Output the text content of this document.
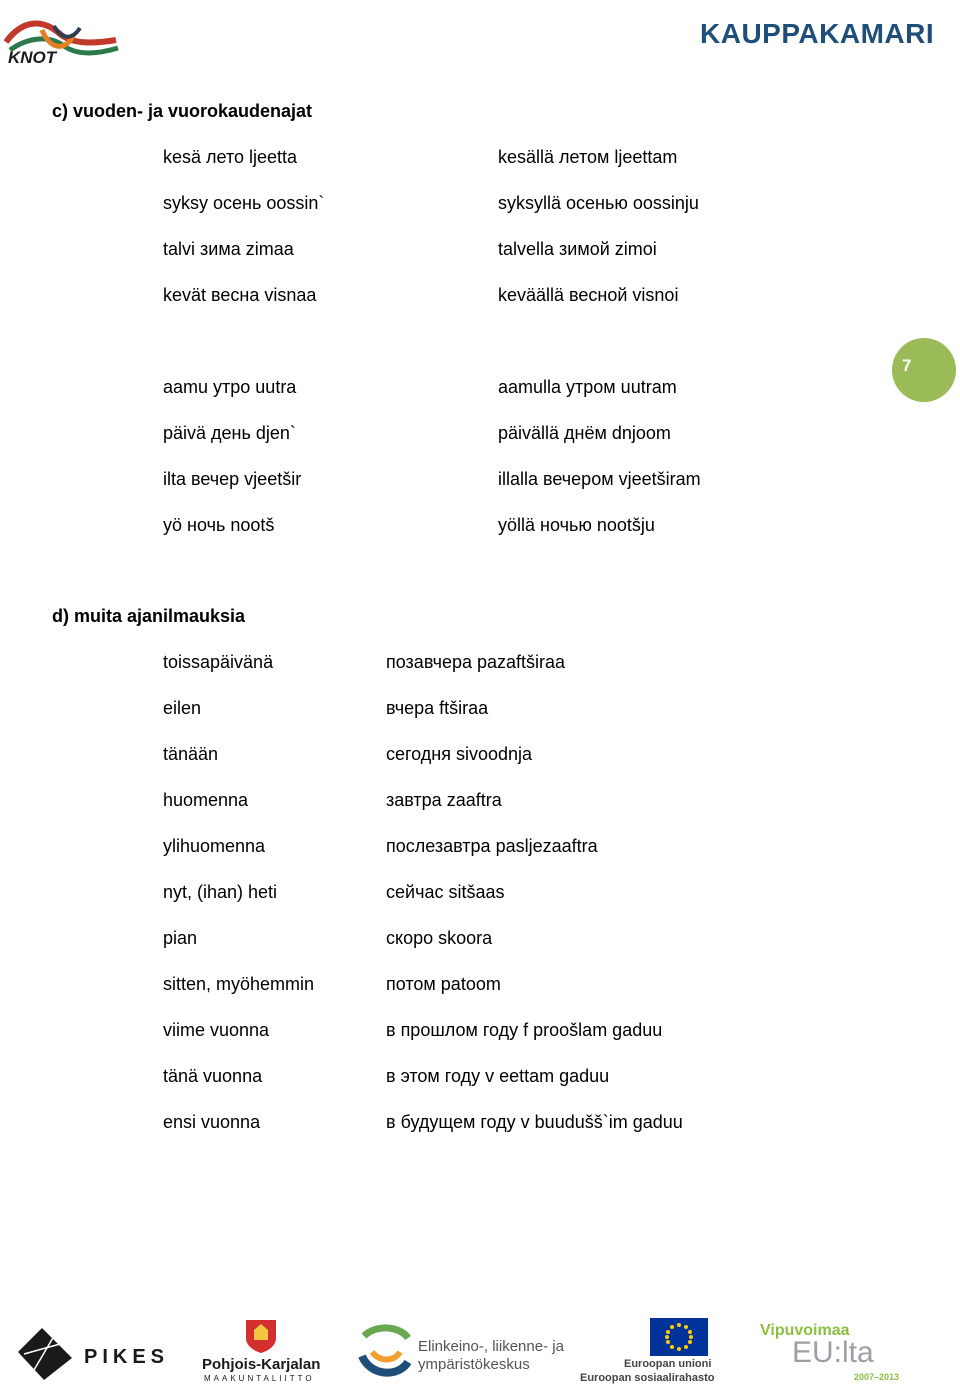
KNOT
KAUPPAKAMARI
7
c) vuoden- ja vuorokaudenajat
kesä лето ljeetta	kesällä летом ljeettam
syksy осень oossin`	syksyllä осенью oossinju
talvi зима zimaa	talvella зимой zimoi
kevät весна visnaa	keväällä весной visnoi
aamu утро uutra	aamulla утром uutram
päivä день djen`	päivällä днём dnjoom
ilta вечер vjeetšir	illalla вечером vjeetširam
yö ночь nootš	yöllä ночью nootšju
d) muita ajanilmauksia
toissapäivänä	позавчера pazaftširaa
eilen	вчера ftširaa
tänään	сегодня sivoodnja
huomenna	завтра zaaftra
ylihuomenna	послезавтра pasljezaaftra
nyt, (ihan) heti	сейчас sitšaas
pian	скоро skoora
sitten, myöhemmin	потом patoom
viime vuonna	в прошлом году f proošlam gaduu
tänä vuonna	в этом году v eettam gaduu
ensi vuonna	в будущем году v buudušš`im gaduu
PIKES Pohjois-Karjalan
MAAKUNTALIITTO
Elinkeino-, liikenne- ja
ympäristökeskus	Euroopan unioni
Euroopan sosiaalirahasto
Vipuvoimaa
EU:lta
2007–2013
